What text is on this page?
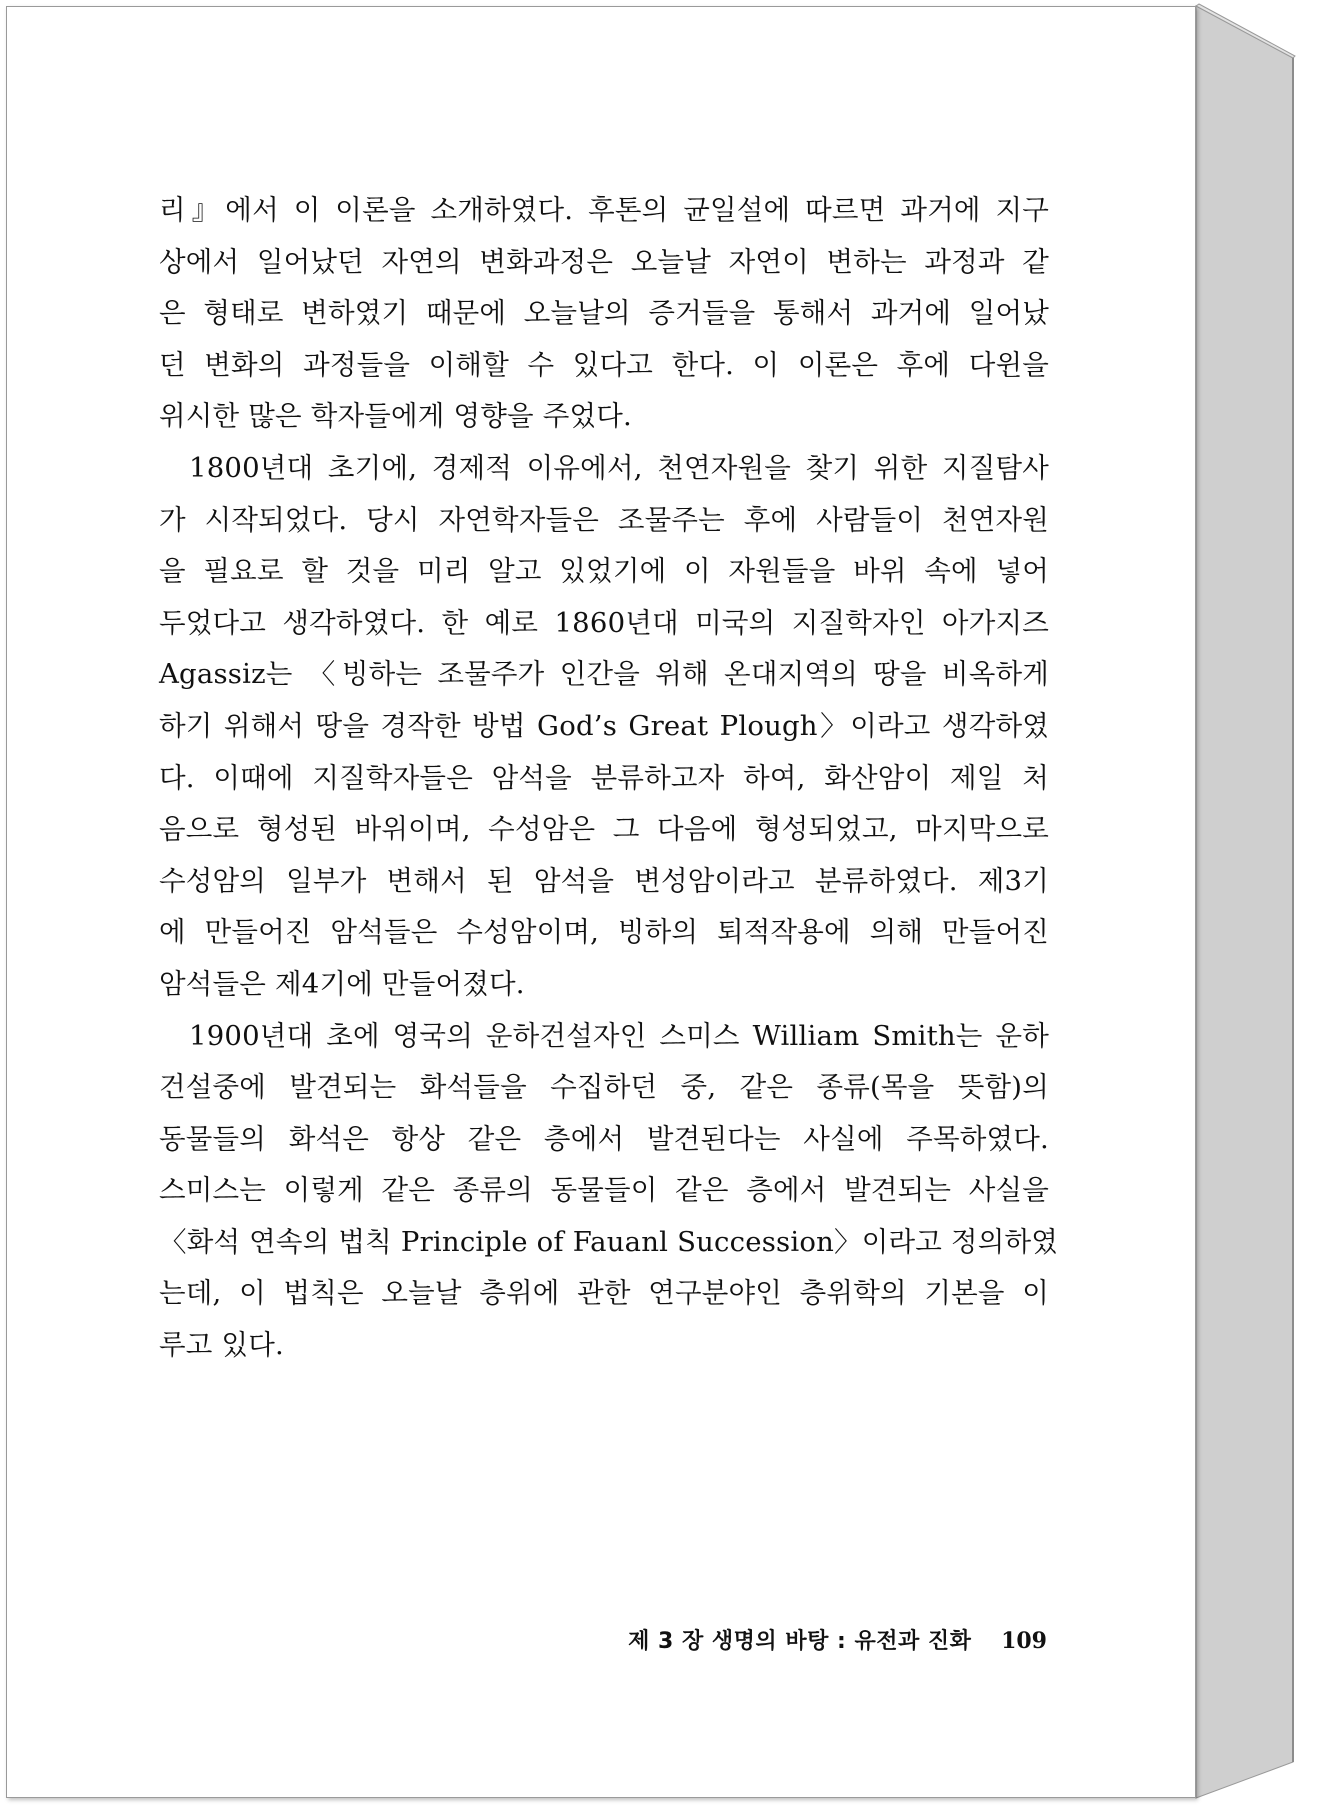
리』에서 이 이론을 소개하였다. 후톤의 균일설에 따르면 과거에 지구
상에서 일어났던 자연의 변화과정은 오늘날 자연이 변하는 과정과 같
은 형태로 변하였기 때문에 오늘날의 증거들을 통해서 과거에 일어났
던 변화의 과정들을 이해할 수 있다고 한다. 이 이론은 후에 다윈을
위시한 많은 학자들에게 영향을 주었다.
1800년대 초기에, 경제적 이유에서, 천연자원을 찾기 위한 지질탐사
가 시작되었다. 당시 자연학자들은 조물주는 후에 사람들이 천연자원
을 필요로 할 것을 미리 알고 있었기에 이 자원들을 바위 속에 넣어
두었다고 생각하였다. 한 예로 1860년대 미국의 지질학자인 아가지즈
Agassiz는 〈빙하는 조물주가 인간을 위해 온대지역의 땅을 비옥하게
하기 위해서 땅을 경작한 방법 God’s Great Plough〉이라고 생각하였
다. 이때에 지질학자들은 암석을 분류하고자 하여, 화산암이 제일 처
음으로 형성된 바위이며, 수성암은 그 다음에 형성되었고, 마지막으로
수성암의 일부가 변해서 된 암석을 변성암이라고 분류하였다. 제3기
에 만들어진 암석들은 수성암이며, 빙하의 퇴적작용에 의해 만들어진
암석들은 제4기에 만들어졌다.
1900년대 초에 영국의 운하건설자인 스미스 William Smith는 운하
건설중에 발견되는 화석들을 수집하던 중, 같은 종류(목을 뜻함)의
동물들의 화석은 항상 같은 층에서 발견된다는 사실에 주목하였다.
스미스는 이렇게 같은 종류의 동물들이 같은 층에서 발견되는 사실을
〈화석 연속의 법칙 Principle of Fauanl Succession〉이라고 정의하였
는데, 이 법칙은 오늘날 층위에 관한 연구분야인 층위학의 기본을 이
루고 있다.
제 3 장 생명의 바탕 : 유전과 진화 109
